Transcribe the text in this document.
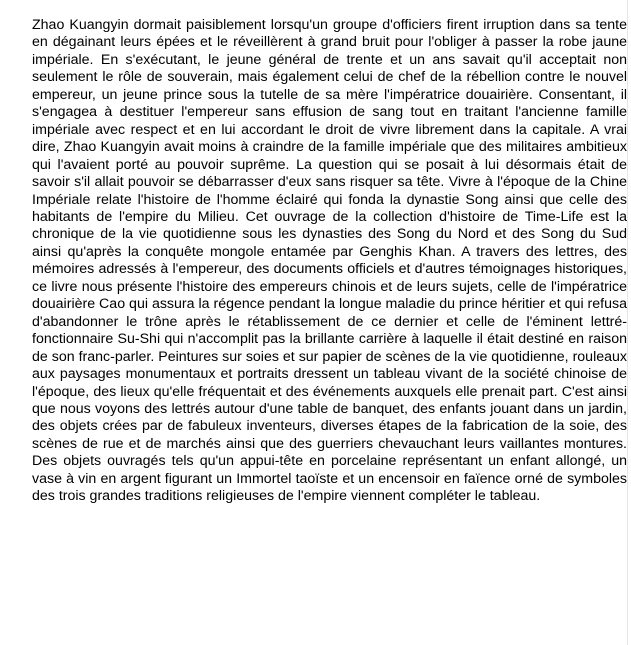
Zhao Kuangyin dormait paisiblement lorsqu'un groupe d'officiers firent irruption dans sa tente en dégainant leurs épées et le réveillèrent à grand bruit pour l'obliger à passer la robe jaune impériale. En s'exécutant, le jeune général de trente et un ans savait qu'il acceptait non seulement le rôle de souverain, mais également celui de chef de la rébellion contre le nouvel empereur, un jeune prince sous la tutelle de sa mère l'impératrice douairière. Consentant, il s'engagea à destituer l'empereur sans effusion de sang tout en traitant l'ancienne famille impériale avec respect et en lui accordant le droit de vivre librement dans la capitale. A vrai dire, Zhao Kuangyin avait moins à craindre de la famille impériale que des militaires ambitieux qui l'avaient porté au pouvoir suprême. La question qui se posait à lui désormais était de savoir s'il allait pouvoir se débarrasser d'eux sans risquer sa tête. Vivre à l'époque de la Chine Impériale relate l'histoire de l'homme éclairé qui fonda la dynastie Song ainsi que celle des habitants de l'empire du Milieu. Cet ouvrage de la collection d'histoire de Time-Life est la chronique de la vie quotidienne sous les dynasties des Song du Nord et des Song du Sud ainsi qu'après la conquête mongole entamée par Genghis Khan. A travers des lettres, des mémoires adressés à l'empereur, des documents officiels et d'autres témoignages historiques, ce livre nous présente l'histoire des empereurs chinois et de leurs sujets, celle de l'impératrice douairière Cao qui assura la régence pendant la longue maladie du prince héritier et qui refusa d'abandonner le trône après le rétablissement de ce dernier et celle de l'éminent lettré-fonctionnaire Su-Shi qui n'accomplit pas la brillante carrière à laquelle il était destiné en raison de son franc-parler. Peintures sur soies et sur papier de scènes de la vie quotidienne, rouleaux aux paysages monumentaux et portraits dressent un tableau vivant de la société chinoise de l'époque, des lieux qu'elle fréquentait et des événements auxquels elle prenait part. C'est ainsi que nous voyons des lettrés autour d'une table de banquet, des enfants jouant dans un jardin, des objets crées par de fabuleux inventeurs, diverses étapes de la fabrication de la soie, des scènes de rue et de marchés ainsi que des guerriers chevauchant leurs vaillantes montures. Des objets ouvragés tels qu'un appui-tête en porcelaine représentant un enfant allongé, un vase à vin en argent figurant un Immortel taoïste et un encensoir en faïence orné de symboles des trois grandes traditions religieuses de l'empire viennent compléter le tableau.
